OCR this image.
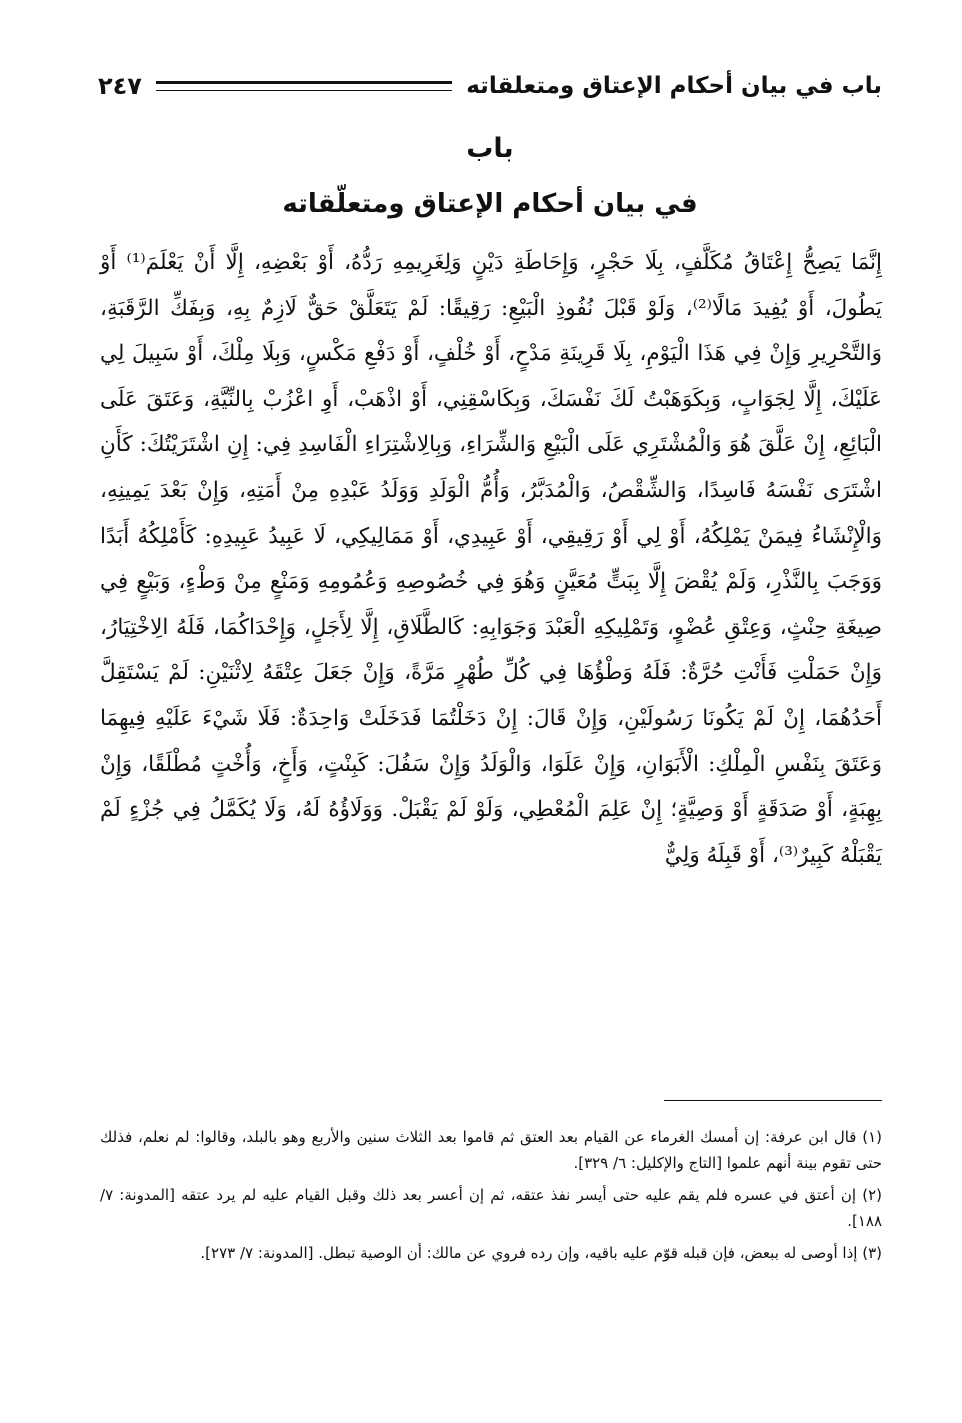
باب في بيان أحكام الإعتاق ومتعلقاته
٢٤٧
باب
في بيان أحكام الإعتاق ومتعلّقاته

إِنَّمَا يَصِحُّ إِعْتَاقُ مُكَلَّفٍ، بِلَا حَجْرٍ، وَإِحَاطَةِ دَيْنٍ وَلِغَرِيمِهِ رَدُّهُ، أَوْ بَعْضِهِ، إِلَّا أَنْ يَعْلَمَ⁽¹⁾ أَوْ يَطُولَ، أَوْ يُفِيدَ مَالًا⁽²⁾، وَلَوْ قَبْلَ نُفُوذِ الْبَيْعِ: رَقِيقًا: لَمْ يَتَعَلَّقْ حَقٌّ لَازِمٌ بِهِ، وَبِفَكِّ الرَّقَبَةِ، وَالتَّحْرِيرِ وَإِنْ فِي هَذَا الْيَوْمِ، بِلَا قَرِينَةِ مَدْحٍ، أَوْ خُلْفٍ، أَوْ دَفْعِ مَكْسٍ، وَبِلَا مِلْكَ، أَوْ سَبِيلَ لِي عَلَيْكَ، إِلَّا لِجَوَابٍ، وَبِكَوَهَبْتُ لَكَ نَفْسَكَ، وَبِكَاسْقِنِي، أَوْ اذْهَبْ، أَوِ اعْزُبْ بِالنِّيَّةِ، وَعَتَقَ عَلَى الْبَائِعِ، إِنْ عَلَّقَ هُوَ وَالْمُشْتَرِي عَلَى الْبَيْعِ وَالشِّرَاءِ، وَبِالِاشْتِرَاءِ الْفَاسِدِ فِي: إِنِ اشْتَرَيْتُكَ: كَأَنِ اشْتَرَى نَفْسَهُ فَاسِدًا، وَالشِّقْصُ، وَالْمُدَبَّرُ، وَأُمُّ الْوَلَدِ وَوَلَدُ عَبْدِهِ مِنْ أَمَتِهِ، وَإِنْ بَعْدَ يَمِينِهِ، وَالْإِنْشَاءُ فِيمَنْ يَمْلِكُهُ، أَوْ لِي أَوْ رَقِيقِي، أَوْ عَبِيدِي، أَوْ مَمَالِيكِي، لَا عَبِيدُ عَبِيدِهِ: كَأَمْلِكُهُ أَبَدًا وَوَجَبَ بِالنَّذْرِ، وَلَمْ يُقْضَ إِلَّا بِبَتٍّ مُعَيَّنٍ وَهُوَ فِي خُصُوصِهِ وَعُمُومِهِ وَمَنْعٍ مِنْ وَطْءٍ، وَبَيْعٍ فِي صِيغَةِ حِنْثٍ، وَعِتْقِ عُضْوٍ، وَتَمْلِيكِهِ الْعَبْدَ وَجَوَابِهِ: كَالطَّلَاقِ، إِلَّا لِأَجَلٍ، وَإِحْدَاكُمَا، فَلَهُ الِاخْتِيَارُ، وَإِنْ حَمَلْتِ فَأَنْتِ حُرَّةٌ: فَلَهُ وَطْؤُهَا فِي كُلِّ طُهْرٍ مَرَّةً، وَإِنْ جَعَلَ عِتْقَهُ لِاثْنَيْنِ: لَمْ يَسْتَقِلَّ أَحَدُهُمَا، إِنْ لَمْ يَكُونَا رَسُولَيْنِ، وَإِنْ قَالَ: إِنْ دَخَلْتُمَا فَدَخَلَتْ وَاحِدَةٌ: فَلَا شَيْءَ عَلَيْهِ فِيهِمَا وَعَتَقَ بِنَفْسِ الْمِلْكِ: الْأَبَوَانِ، وَإِنْ عَلَوَا، وَالْوَلَدُ وَإِنْ سَفُلَ: كَبِنْتٍ، وَأَخٍ، وَأُخْتٍ مُطْلَقًا، وَإِنْ بِهِبَةٍ، أَوْ صَدَقَةٍ أَوْ وَصِيَّةٍ؛ إِنْ عَلِمَ الْمُعْطِي، وَلَوْ لَمْ يَقْبَلْ. وَوَلَاؤُهُ لَهُ، وَلَا يُكَمَّلُ فِي جُزْءٍ لَمْ يَقْبَلْهُ كَبِيرٌ⁽³⁾، أَوْ قَبِلَهُ وَلِيٌّ

(١) قال ابن عرفة: إن أمسك الغرماء عن القيام بعد العتق ثم قاموا بعد الثلاث سنين والأربع وهو بالبلد، وقالوا: لم نعلم، فذلك حتى تقوم بينة أنهم علموا [التاج والإكليل: ٦/ ٣٢٩].

(٢) إن أعتق في عسره فلم يقم عليه حتى أيسر نفذ عتقه، ثم إن أعسر بعد ذلك وقبل القيام عليه لم يرد عتقه [المدونة: ٧/ ١٨٨].

(٣) إذا أوصى له ببعض، فإن قبله قوّم عليه باقيه، وإن رده فروي عن مالك: أن الوصية تبطل. [المدونة: ٧/ ٢٧٣].
